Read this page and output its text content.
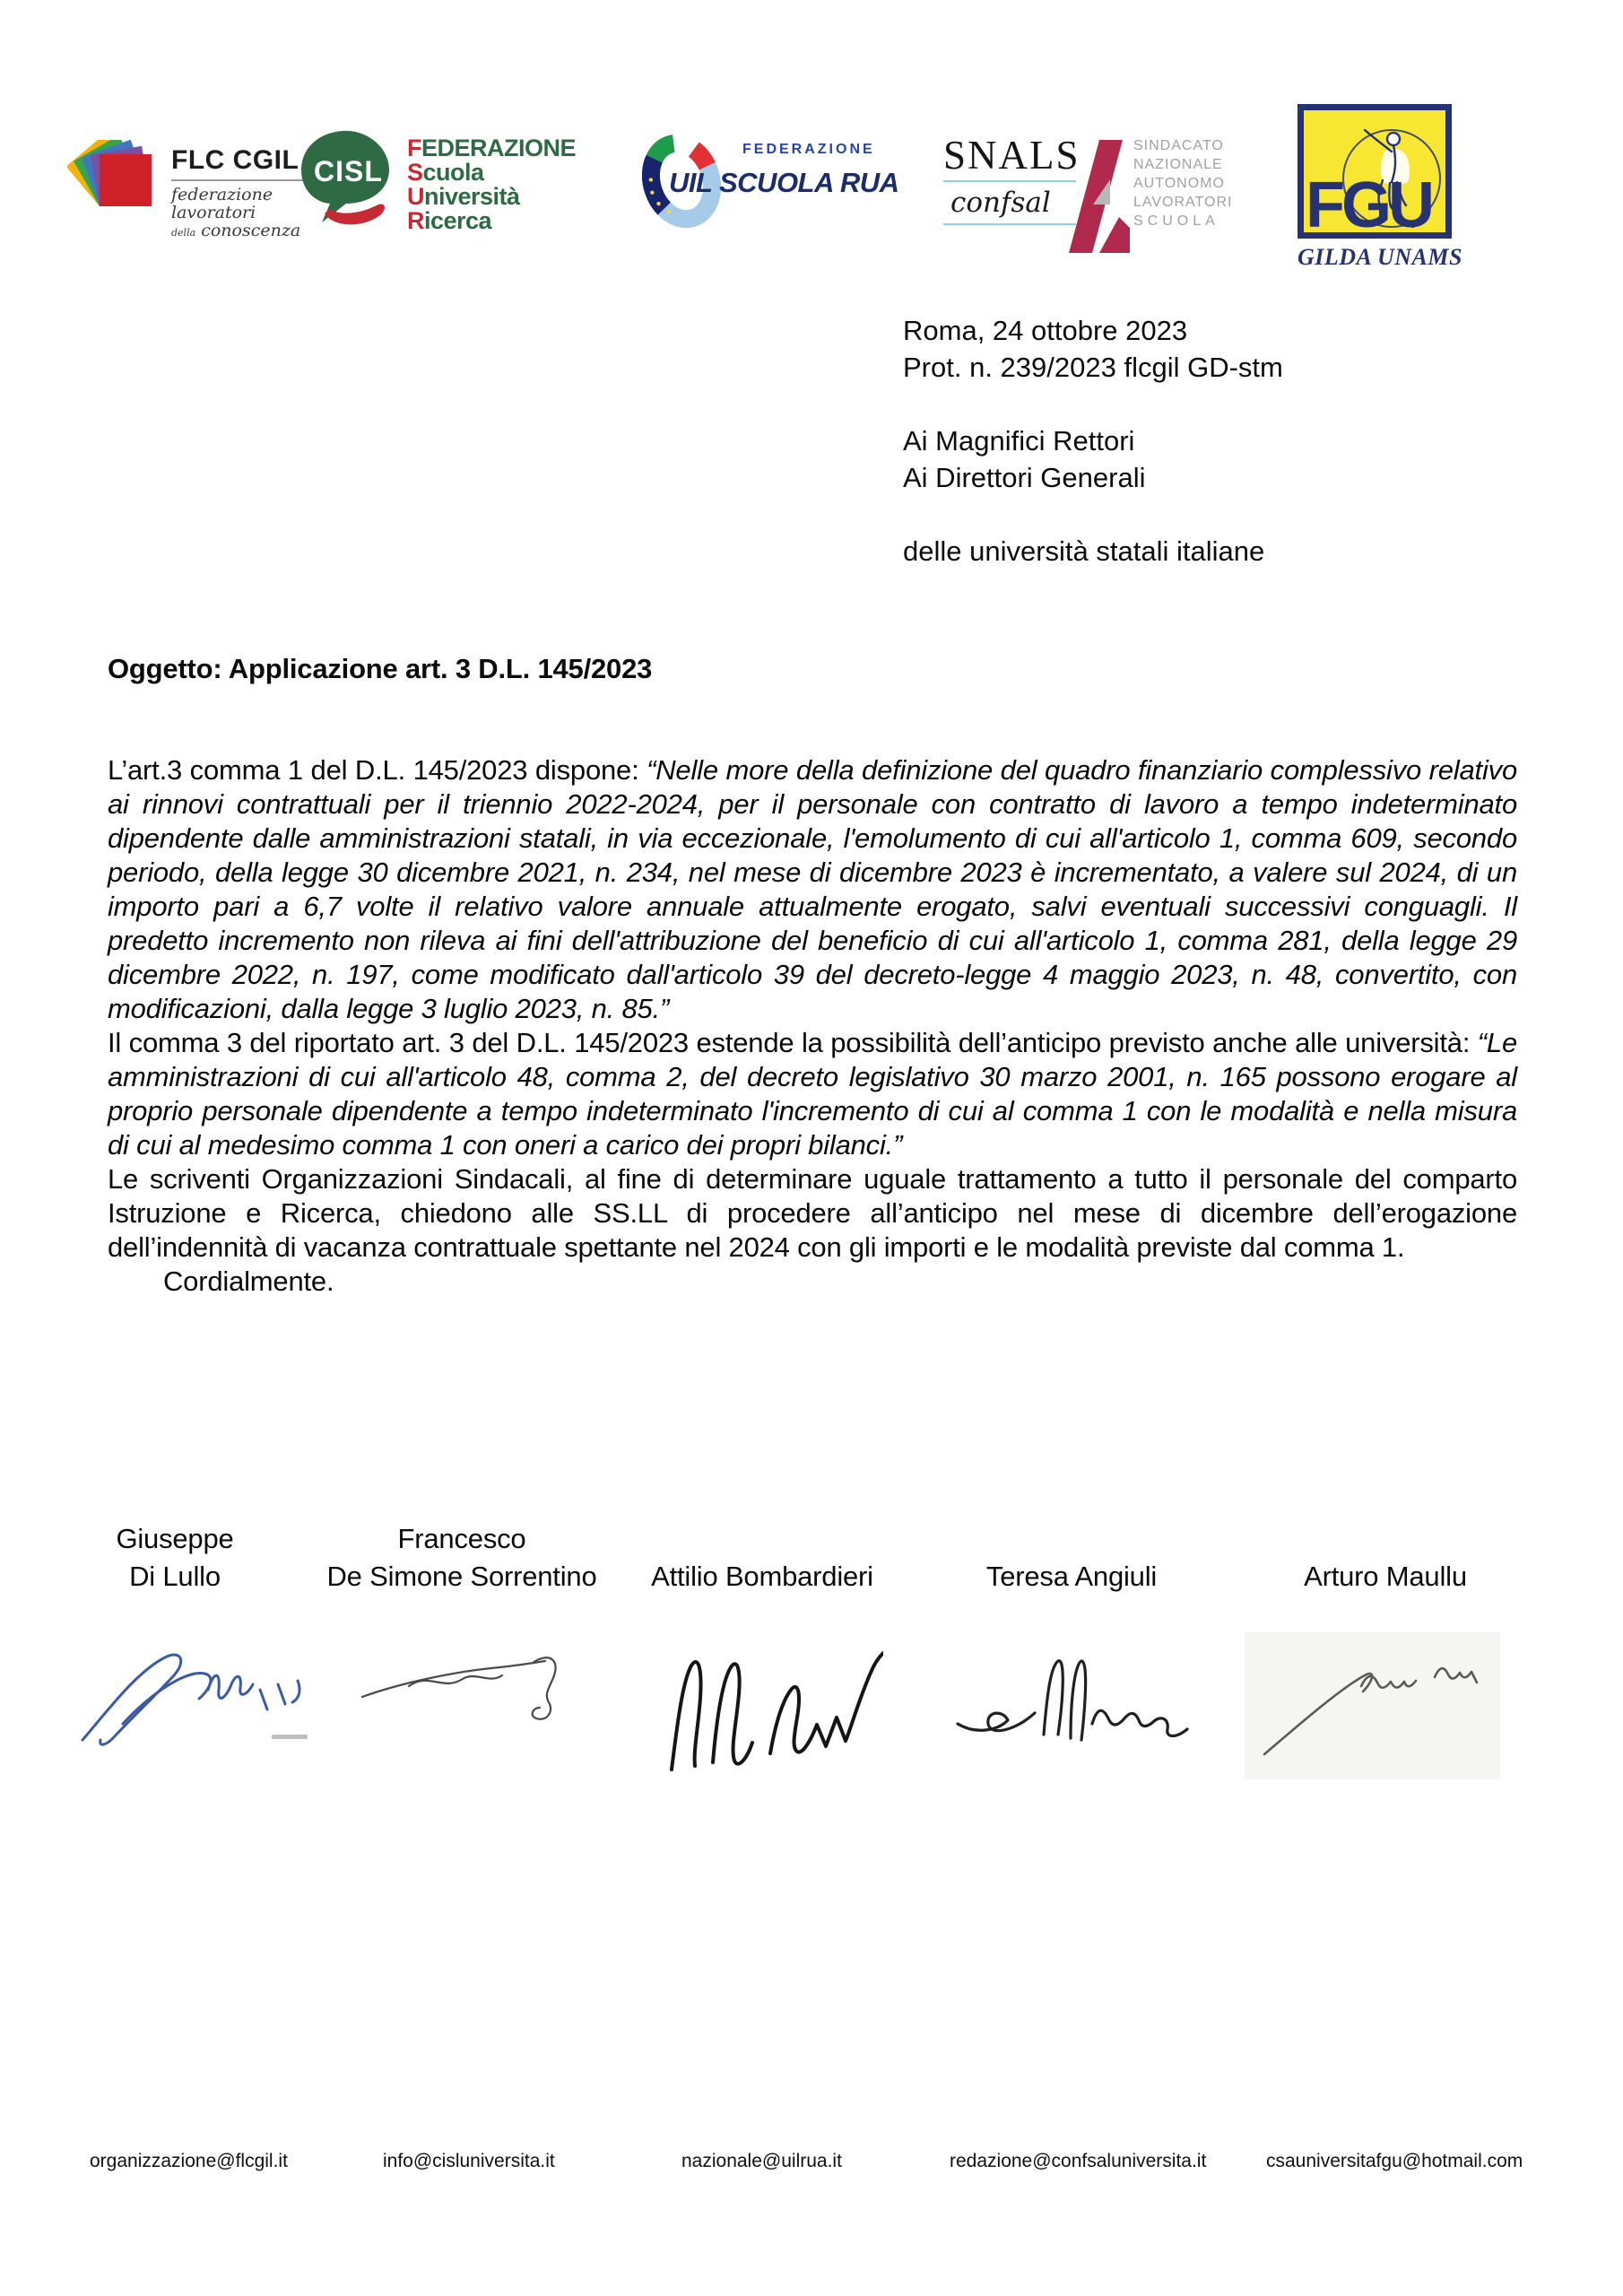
FLC CGIL
federazione
lavoratori
della conoscenza
CISL
FEDERAZIONE
Scuola
Università
Ricerca
FEDERAZIONE
UIL SCUOLA RUA
SNALS
confsal
SINDACATO
NAZIONALE
AUTONOMO
LAVORATORI
SCUOLA FGU
GILDA UNAMS
Roma, 24 ottobre 2023
Prot. n. 239/2023 flcgil GD-stm
Ai Magnifici Rettori
Ai Direttori Generali
delle università statali italiane
Oggetto: Applicazione art. 3 D.L. 145/2023

L’art.3 comma 1 del D.L. 145/2023 dispone: “Nelle more della definizione del quadro finanziario complessivo relativo ai rinnovi contrattuali per il triennio 2022-2024, per il personale con contratto di lavoro a tempo indeterminato dipendente dalle amministrazioni statali, in via eccezionale, l'emolumento di cui all'articolo 1, comma 609, secondo periodo, della legge 30 dicembre 2021, n. 234, nel mese di dicembre 2023 è incrementato, a valere sul 2024, di un importo pari a 6,7 volte il relativo valore annuale attualmente erogato, salvi eventuali successivi conguagli. Il predetto incremento non rileva ai fini dell'attribuzione del beneficio di cui all'articolo 1, comma 281, della legge 29 dicembre 2022, n. 197, come modificato dall'articolo 39 del decreto-legge 4 maggio 2023, n. 48, convertito, con modificazioni, dalla legge 3 luglio 2023, n. 85.”

Il comma 3 del riportato art. 3 del D.L. 145/2023 estende la possibilità dell’anticipo previsto anche alle università: “Le amministrazioni di cui all'articolo 48, comma 2, del decreto legislativo 30 marzo 2001, n. 165 possono erogare al proprio personale dipendente a tempo indeterminato l'incremento di cui al comma 1 con le modalità e nella misura di cui al medesimo comma 1 con oneri a carico dei propri bilanci.”

Le scriventi Organizzazioni Sindacali, al fine di determinare uguale trattamento a tutto il personale del comparto Istruzione e Ricerca, chiedono alle SS.LL di procedere all’anticipo nel mese di dicembre dell’erogazione dell’indennità di vacanza contrattuale spettante nel 2024 con gli importi e le modalità previste dal comma 1.

Cordialmente.

Giuseppe
Di Lullo
Francesco
De Simone Sorrentino	Attilio Bombardieri	Teresa Angiuli	Arturo Maullu
organizzazione@flcgil.it	info@cisluniversita.it	nazionale@uilrua.it	redazione@confsaluniversita.it	csauniversitafgu@hotmail.com
